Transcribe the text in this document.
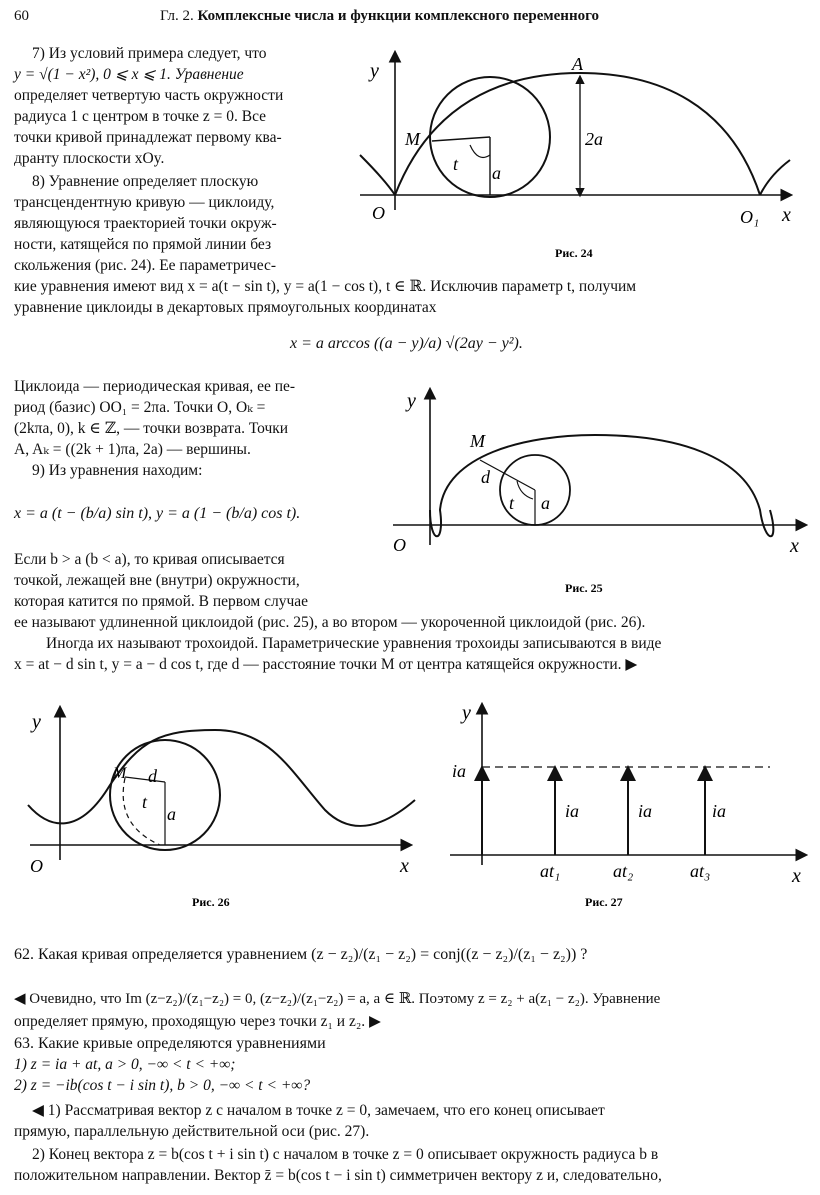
60	Гл. 2. Комплексные числа и функции комплексного переменного
7) Из условий примера следует, что
y = √(1 − x²), 0 ⩽ x ⩽ 1. Уравнение
определяет четвертую часть окружности
радиуса 1 с центром в точке z = 0. Все
точки кривой принадлежат первому ква-
дранту плоскости xOy.
8) Уравнение определяет плоскую
трансцендентную кривую — циклоиду,
являющуюся траекторией точки окруж-
ности, катящейся по прямой линии без
скольжения (рис. 24). Ее параметричес-
кие уравнения имеют вид x = a(t − sin t), y = a(1 − cos t), t ∈ ℝ. Исключив параметр t, получим
уравнение циклоиды в декартовых прямоугольных координатах
x = a arccos ((a − y)/a) √(2ay − y²).
Циклоида — периодическая кривая, ее пе-
риод (базис) OO₁ = 2πa. Точки O, Oₖ =
(2kπa, 0), k ∈ ℤ, — точки возврата. Точки
A, Aₖ = ((2k + 1)πa, 2a) — вершины.
9) Из уравнения находим:
x = a (t − (b/a) sin t), y = a (1 − (b/a) cos t).
Если b > a (b < a), то кривая описывается
точкой, лежащей вне (внутри) окружности,
которая катится по прямой. В первом случае
ее называют удлиненной циклоидой (рис. 25), а во втором — укороченной циклоидой (рис. 26).
Иногда их называют трохоидой. Параметрические уравнения трохоиды записываются в виде
x = at − d sin t, y = a − d cos t, где d — расстояние точки M от центра катящейся окружности. ▶
y
x
A
M
t a
2a
O	O₁
Рис. 24
y
x
M
d
t a
O
Рис. 25
y
x
M d
t
a
O
Рис. 26
y
x
ia
ia	ia	ia
at₁	at₂	at₃
Рис. 27
62. Какая кривая определяется уравнением (z − z₂)/(z₁ − z₂) = conj((z − z₂)/(z₁ − z₂)) ?
◀ Очевидно, что Im (z−z₂)/(z₁−z₂) = 0, (z−z₂)/(z₁−z₂) = a, a ∈ ℝ. Поэтому z = z₂ + a(z₁ − z₂). Уравнение
определяет прямую, проходящую через точки z₁ и z₂. ▶
63. Какие кривые определяются уравнениями
1) z = ia + at, a > 0, −∞ < t < +∞;
2) z = −ib(cos t − i sin t), b > 0, −∞ < t < +∞?
◀ 1) Рассматривая вектор z с началом в точке z = 0, замечаем, что его конец описывает
прямую, параллельную действительной оси (рис. 27).
2) Конец вектора z = b(cos t + i sin t) с началом в точке z = 0 описывает окружность радиуса b в
положительном направлении. Вектор z̄ = b(cos t − i sin t) симметричен вектору z и, следовательно,
